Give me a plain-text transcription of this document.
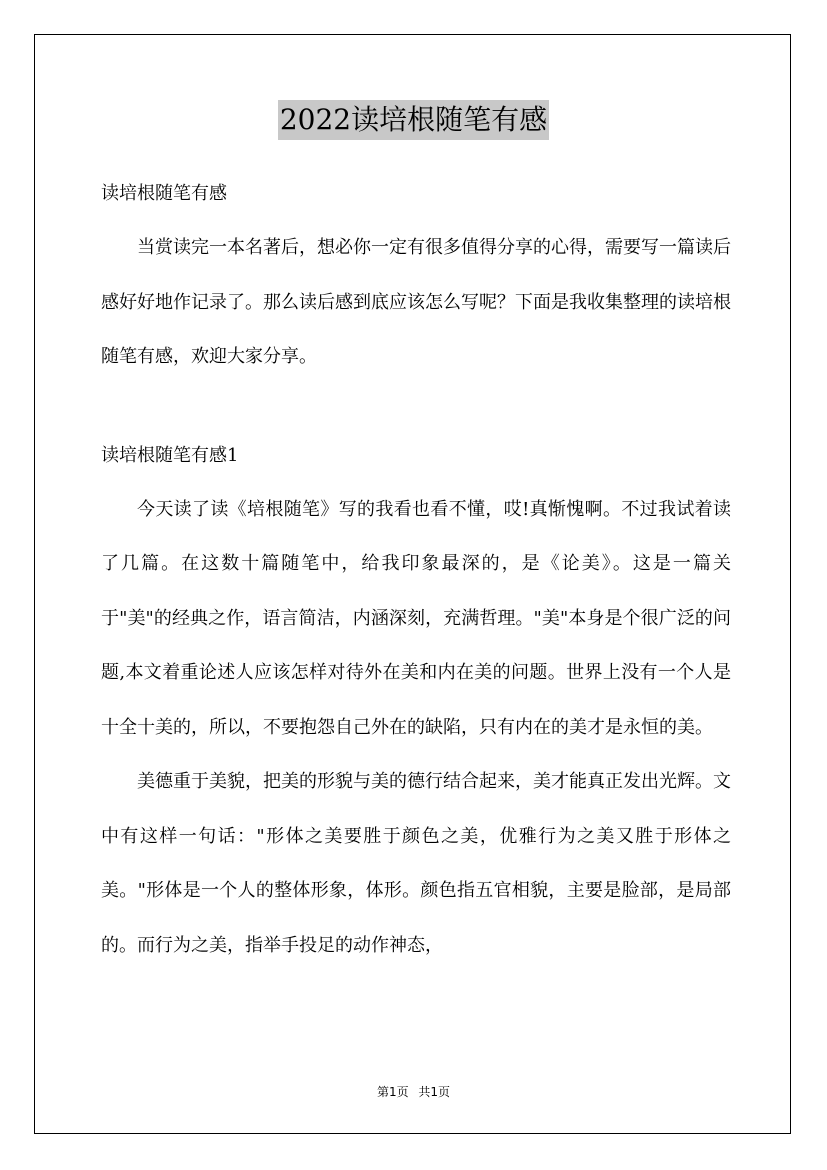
2022读培根随笔有感

读培根随笔有感

当赏读完一本名著后，想必你一定有很多值得分享的心得，需要写一篇读后感好好地作记录了。那么读后感到底应该怎么写呢？下面是我收集整理的读培根随笔有感，欢迎大家分享。

读培根随笔有感1

今天读了读《培根随笔》写的我看也看不懂，哎!真惭愧啊。不过我试着读了几篇。在这数十篇随笔中，给我印象最深的，是《论美》。这是一篇关于"美"的经典之作，语言简洁，内涵深刻，充满哲理。"美"本身是个很广泛的问题,本文着重论述人应该怎样对待外在美和内在美的问题。世界上没有一个人是十全十美的，所以，不要抱怨自己外在的缺陷，只有内在的美才是永恒的美。

美德重于美貌，把美的形貌与美的德行结合起来，美才能真正发出光辉。文中有这样一句话："形体之美要胜于颜色之美，优雅行为之美又胜于形体之美。"形体是一个人的整体形象，体形。颜色指五官相貌，主要是脸部，是局部的。而行为之美，指举手投足的动作神态，

第1页 共1页
